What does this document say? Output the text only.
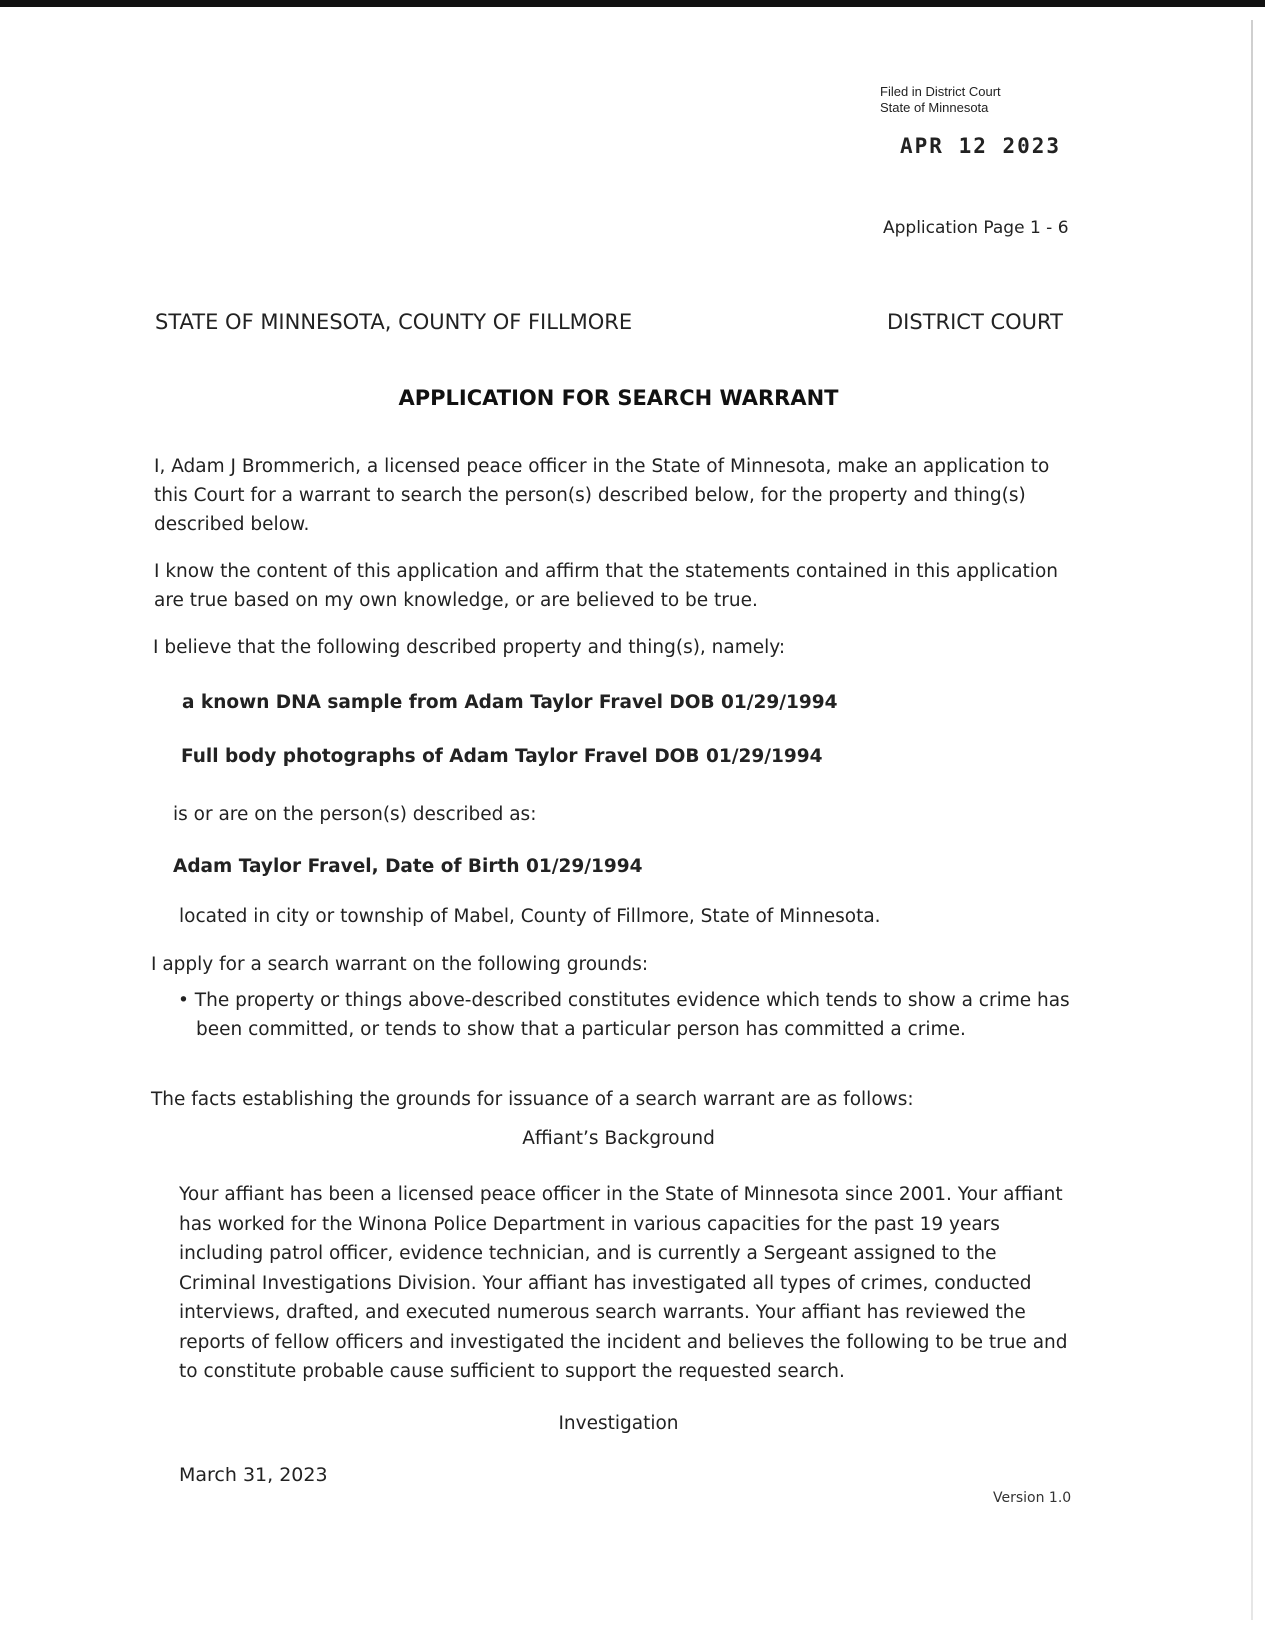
Filed in District Court
State of Minnesota
APR 12 2023
Application Page 1 - 6
STATE OF MINNESOTA, COUNTY OF FILLMORE	DISTRICT COURT
APPLICATION FOR SEARCH WARRANT
I, Adam J Brommerich, a licensed peace officer in the State of Minnesota, make an application to this Court for a warrant to search the person(s) described below, for the property and thing(s) described below.
I know the content of this application and affirm that the statements contained in this application are true based on my own knowledge, or are believed to be true.
I believe that the following described property and thing(s), namely:
a known DNA sample from Adam Taylor Fravel DOB 01/29/1994
Full body photographs of Adam Taylor Fravel DOB 01/29/1994
is or are on the person(s) described as:
Adam Taylor Fravel, Date of Birth 01/29/1994
located in city or township of Mabel, County of Fillmore, State of Minnesota.
I apply for a search warrant on the following grounds:
• The property or things above-described constitutes evidence which tends to show a crime has been committed, or tends to show that a particular person has committed a crime.
The facts establishing the grounds for issuance of a search warrant are as follows:
Affiant’s Background
Your affiant has been a licensed peace officer in the State of Minnesota since 2001. Your affiant has worked for the Winona Police Department in various capacities for the past 19 years including patrol officer, evidence technician, and is currently a Sergeant assigned to the Criminal Investigations Division. Your affiant has investigated all types of crimes, conducted interviews, drafted, and executed numerous search warrants. Your affiant has reviewed the reports of fellow officers and investigated the incident and believes the following to be true and to constitute probable cause sufficient to support the requested search.
Investigation
March 31, 2023
Version 1.0
